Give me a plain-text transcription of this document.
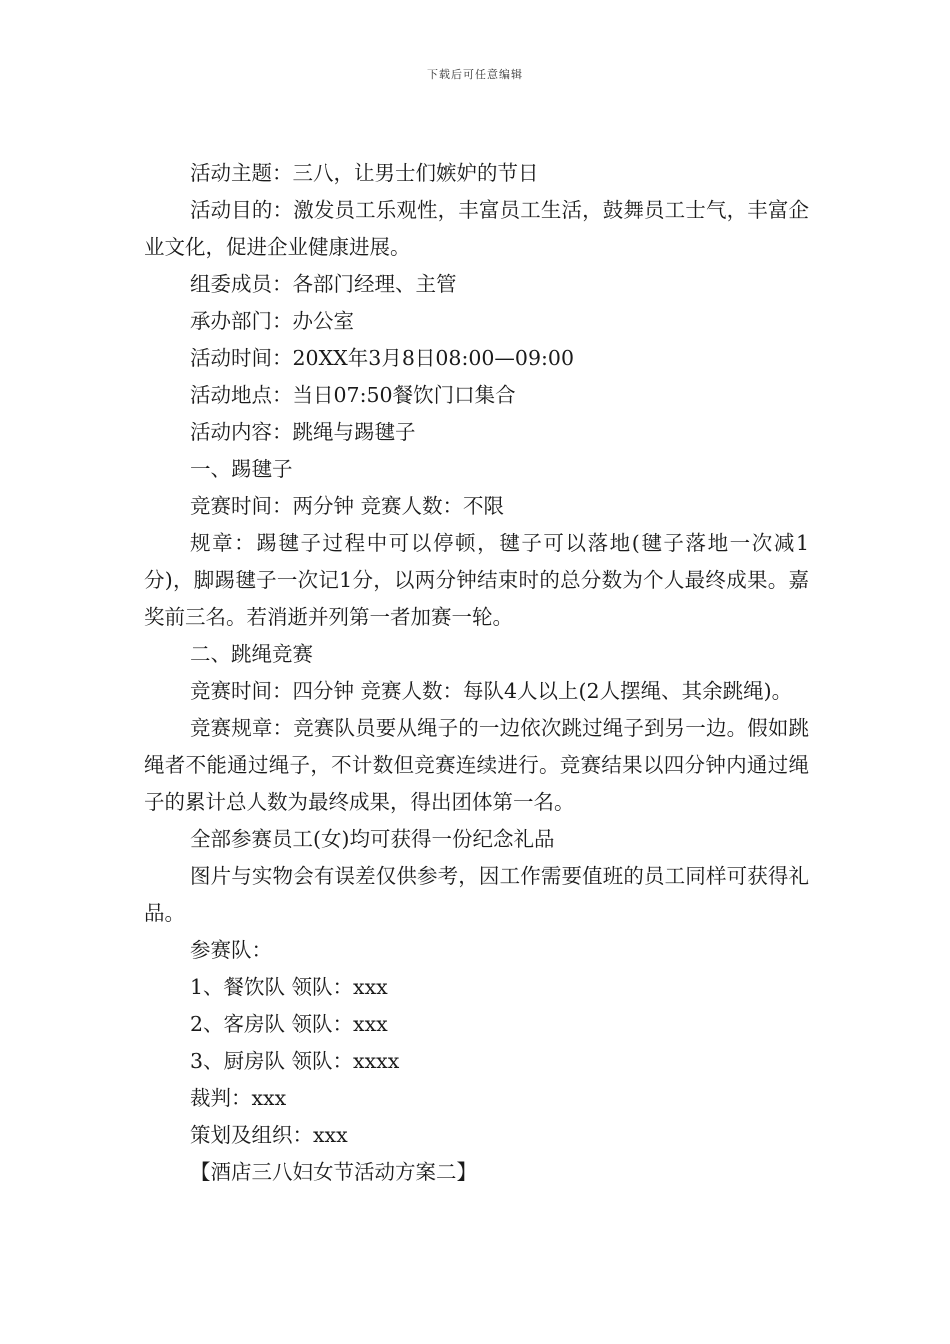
下载后可任意编辑

活动主题：三八，让男士们嫉妒的节日

活动目的：激发员工乐观性，丰富员工生活，鼓舞员工士气，丰富企业文化，促进企业健康进展。

组委成员：各部门经理、主管

承办部门：办公室

活动时间：20XX年3月8日08:00—09:00

活动地点：当日07:50餐饮门口集合

活动内容：跳绳与踢毽子

一、踢毽子

竞赛时间：两分钟 竞赛人数：不限

规章：踢毽子过程中可以停顿，毽子可以落地(毽子落地一次减1分)，脚踢毽子一次记1分，以两分钟结束时的总分数为个人最终成果。嘉奖前三名。若消逝并列第一者加赛一轮。

二、跳绳竞赛

竞赛时间：四分钟 竞赛人数：每队4人以上(2人摆绳、其余跳绳)。

竞赛规章：竞赛队员要从绳子的一边依次跳过绳子到另一边。假如跳绳者不能通过绳子，不计数但竞赛连续进行。竞赛结果以四分钟内通过绳子的累计总人数为最终成果，得出团体第一名。

全部参赛员工(女)均可获得一份纪念礼品

图片与实物会有误差仅供参考，因工作需要值班的员工同样可获得礼品。

参赛队：

1、餐饮队 领队：xxx

2、客房队 领队：xxx

3、厨房队 领队：xxxx

裁判：xxx

策划及组织：xxx

【酒店三八妇女节活动方案二】
